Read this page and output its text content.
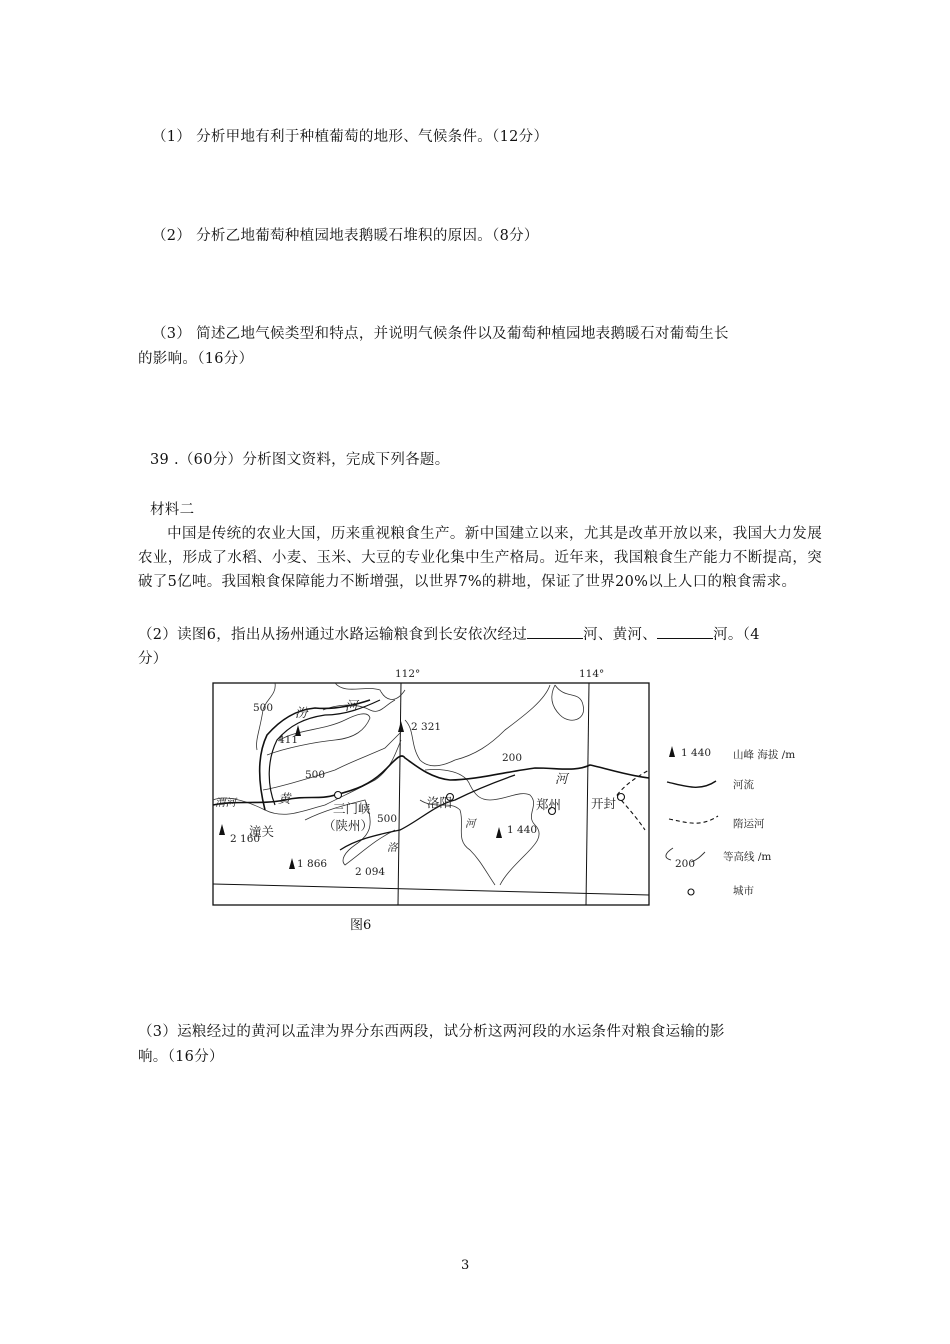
（1） 分析甲地有利于种植葡萄的地形、气候条件。（12分）
（2） 分析乙地葡萄种植园地表鹅暖石堆积的原因。（8分）
（3） 简述乙地气候类型和特点，并说明气候条件以及葡萄种植园地表鹅暖石对葡萄生长
的影响。（16分）
39 .（60分）分析图文资料，完成下列各题。
材料二
中国是传统的农业大国，历来重视粮食生产。新中国建立以来，尤其是改革开放以来，我国大力发展农业，形成了水稻、小麦、玉米、大豆的专业化集中生产格局。近年来，我国粮食生产能力不断提高，突破了5亿吨。我国粮食保障能力不断增强，以世界7%的耕地，保证了世界20%以上人口的粮食需求。
（2）读图6，指出从扬州通过水路运输粮食到长安依次经过	河、黄河、	河。（4
分）
112°	114°
2 321
411
2 160
1 866
1 440
2 094
500
500
500
200
汾	河
渭河	黄
河
洛
河
潼关
三门峡
（陕州）
洛阳	郑州 开封
1 440 山峰 海拔 /m
河流
隋运河
200
等高线 /m
城市
图6
（3）运粮经过的黄河以孟津为界分东西两段，试分析这两河段的水运条件对粮食运输的影
响。（16分）
3
